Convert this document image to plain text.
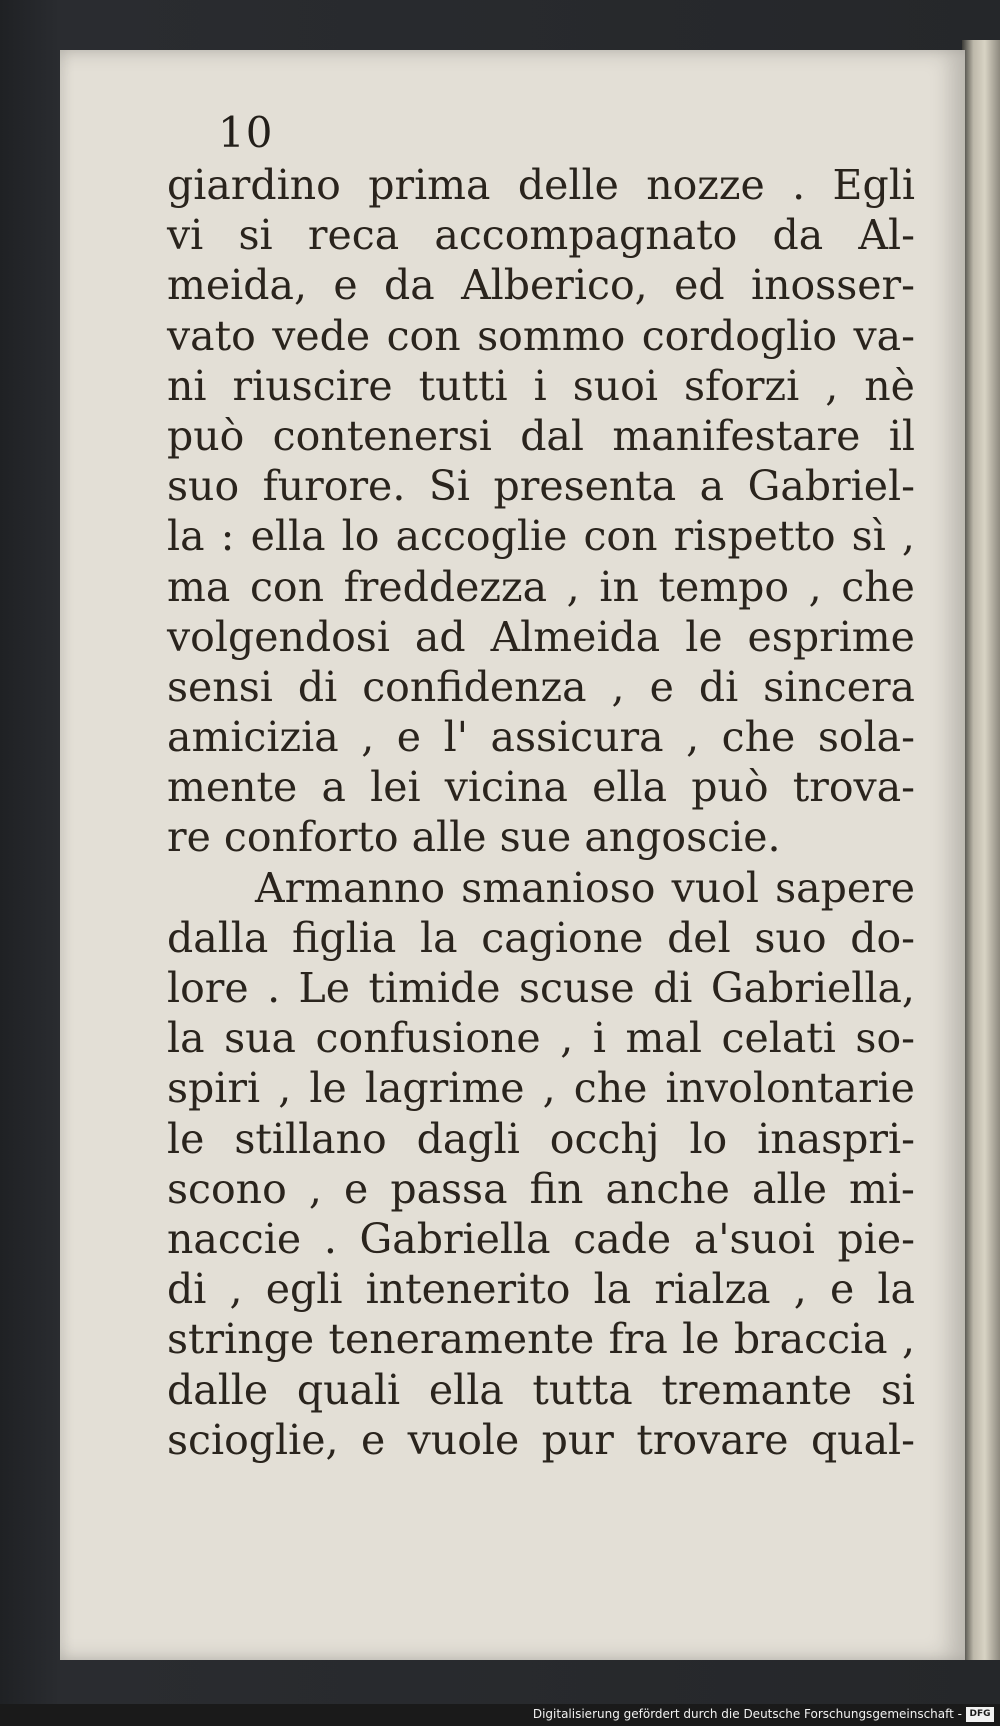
10
giardino prima delle nozze . Egli
vi si reca accompagnato da Al-
meida, e da Alberico, ed inosser-
vato vede con sommo cordoglio va-
ni riuscire tutti i suoi sforzi , nè
può contenersi dal manifestare il
suo furore. Si presenta a Gabriel-
la : ella lo accoglie con rispetto sì ,
ma con freddezza , in tempo , che
volgendosi ad Almeida le esprime
sensi di confidenza , e di sincera
amicizia , e l' assicura , che sola-
mente a lei vicina ella può trova-
re conforto alle sue angoscie.
Armanno smanioso vuol sapere
dalla figlia la cagione del suo do-
lore . Le timide scuse di Gabriella,
la sua confusione , i mal celati so-
spiri , le lagrime , che involontarie
le stillano dagli occhj lo inaspri-
scono , e passa fin anche alle mi-
naccie . Gabriella cade a'suoi pie-
di , egli intenerito la rialza , e la
stringe teneramente fra le braccia ,
dalle quali ella tutta tremante si
scioglie, e vuole pur trovare qual-
Digitalisierung gefördert durch die Deutsche Forschungsgemeinschaft - DFG
